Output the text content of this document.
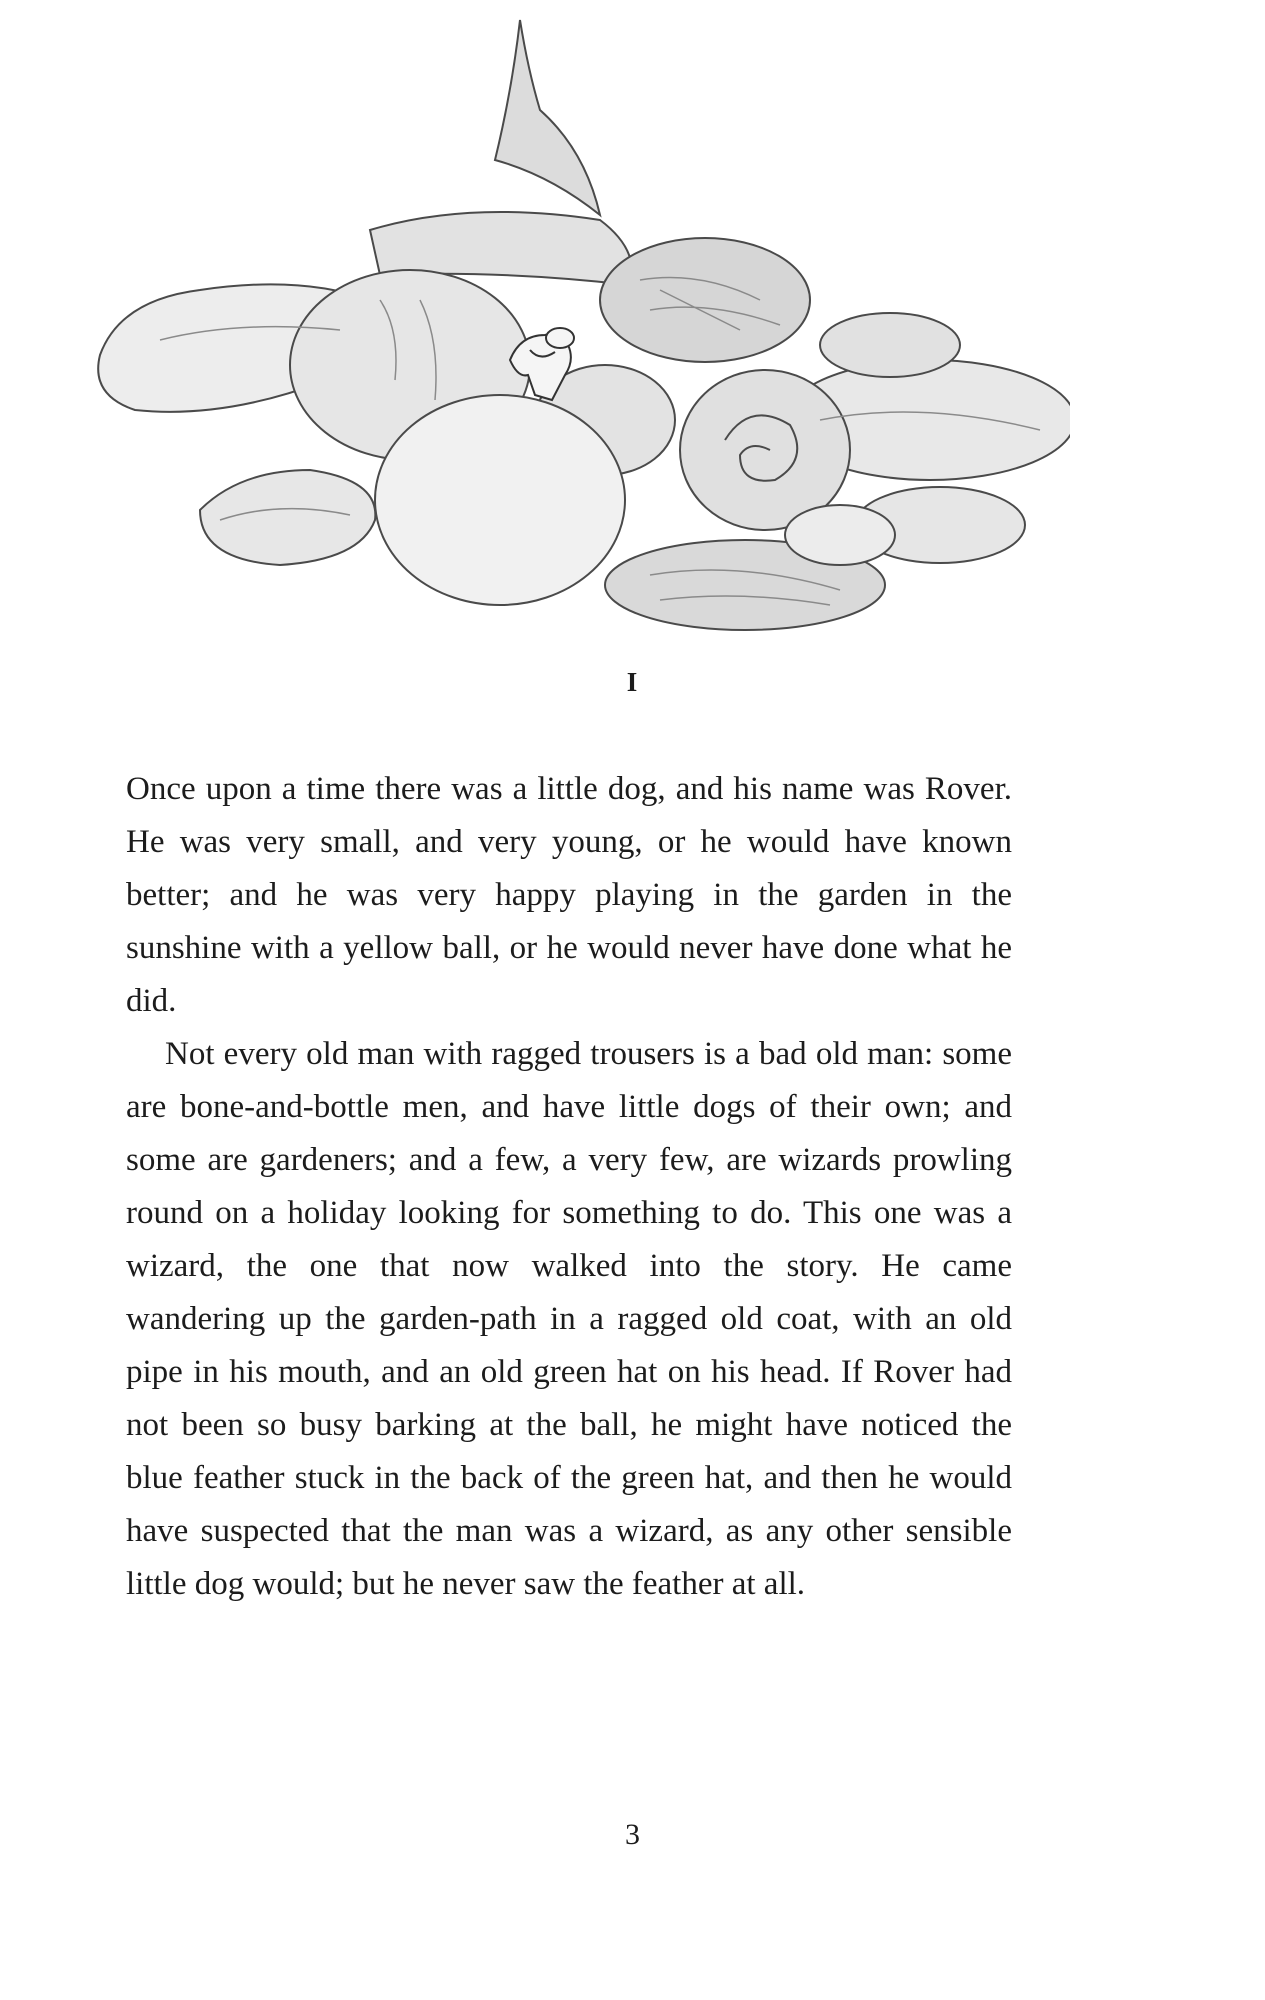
I

Once upon a time there was a little dog, and his name was Rover. He was very small, and very young, or he would have known better; and he was very happy playing in the garden in the sunshine with a yellow ball, or he would never have done what he did.

Not every old man with ragged trousers is a bad old man: some are bone-and-bottle men, and have little dogs of their own; and some are gardeners; and a few, a very few, are wizards prowling round on a holiday looking for something to do. This one was a wizard, the one that now walked into the story. He came wandering up the garden-path in a ragged old coat, with an old pipe in his mouth, and an old green hat on his head. If Rover had not been so busy barking at the ball, he might have noticed the blue feather stuck in the back of the green hat, and then he would have suspected that the man was a wizard, as any other sensible little dog would; but he never saw the feather at all.

3
